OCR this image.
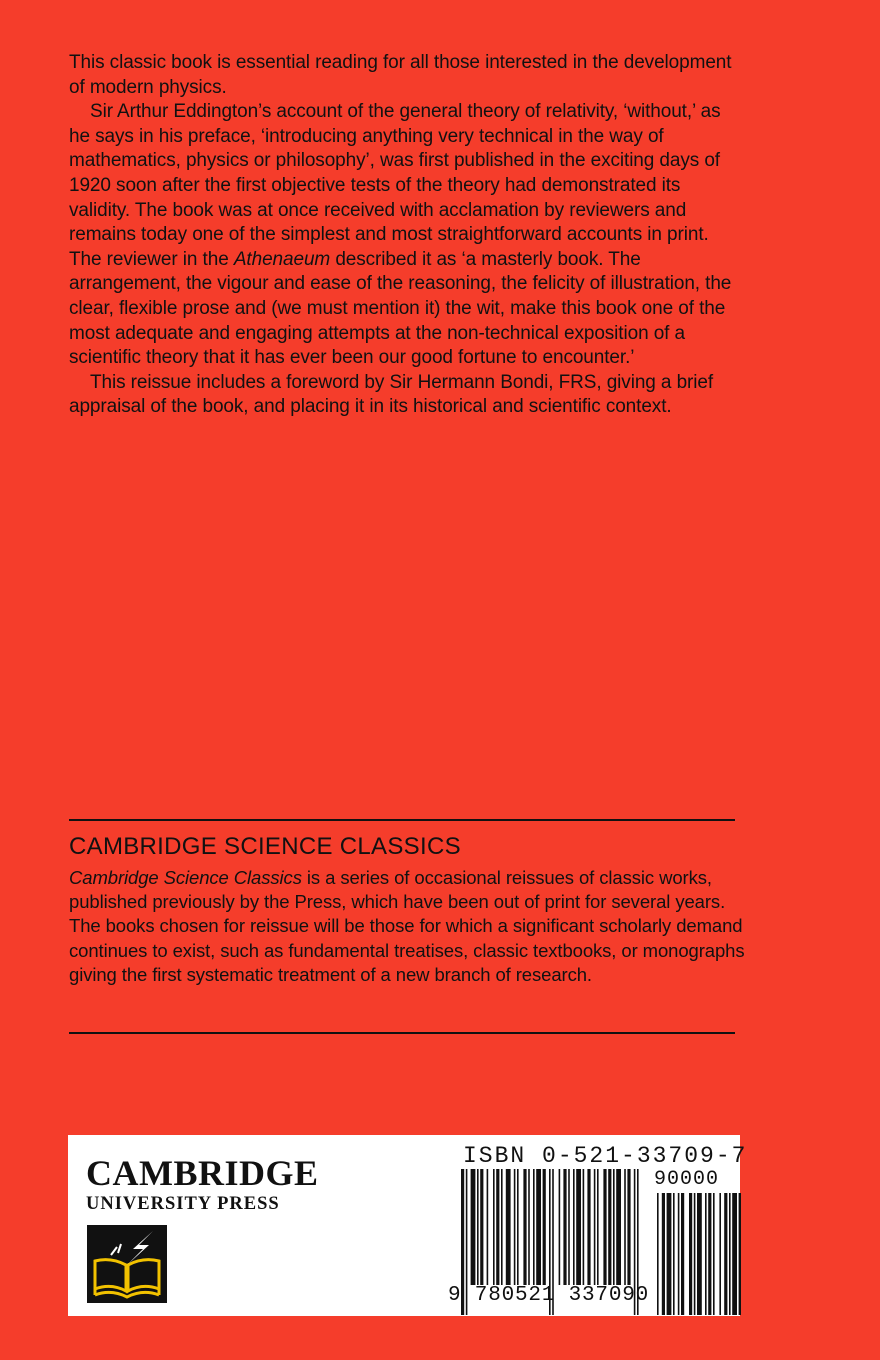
This classic book is essential reading for all those interested in the development of modern physics.

Sir Arthur Eddington’s account of the general theory of relativity, ‘without,’ as he says in his preface, ‘introducing anything very technical in the way of mathematics, physics or philosophy’, was first published in the exciting days of 1920 soon after the first objective tests of the theory had demonstrated its validity. The book was at once received with acclamation by reviewers and remains today one of the simplest and most straightforward accounts in print. The reviewer in the Athenaeum described it as ‘a masterly book. The arrangement, the vigour and ease of the reasoning, the felicity of illustration, the clear, flexible prose and (we must mention it) the wit, make this book one of the most adequate and engaging attempts at the non-technical exposition of a scientific theory that it has ever been our good fortune to encounter.’

This reissue includes a foreword by Sir Hermann Bondi, FRS, giving a brief appraisal of the book, and placing it in its historical and scientific context.

CAMBRIDGE SCIENCE CLASSICS

Cambridge Science Classics is a series of occasional reissues of classic works, published previously by the Press, which have been out of print for several years. The books chosen for reissue will be those for which a significant scholarly demand continues to exist, such as fundamental treatises, classic textbooks, or monographs giving the first systematic treatment of a new branch of research.

CAMBRIDGE
UNIVERSITY PRESS
ISBN 0-521-33709-7
90000
9 780521 337090
